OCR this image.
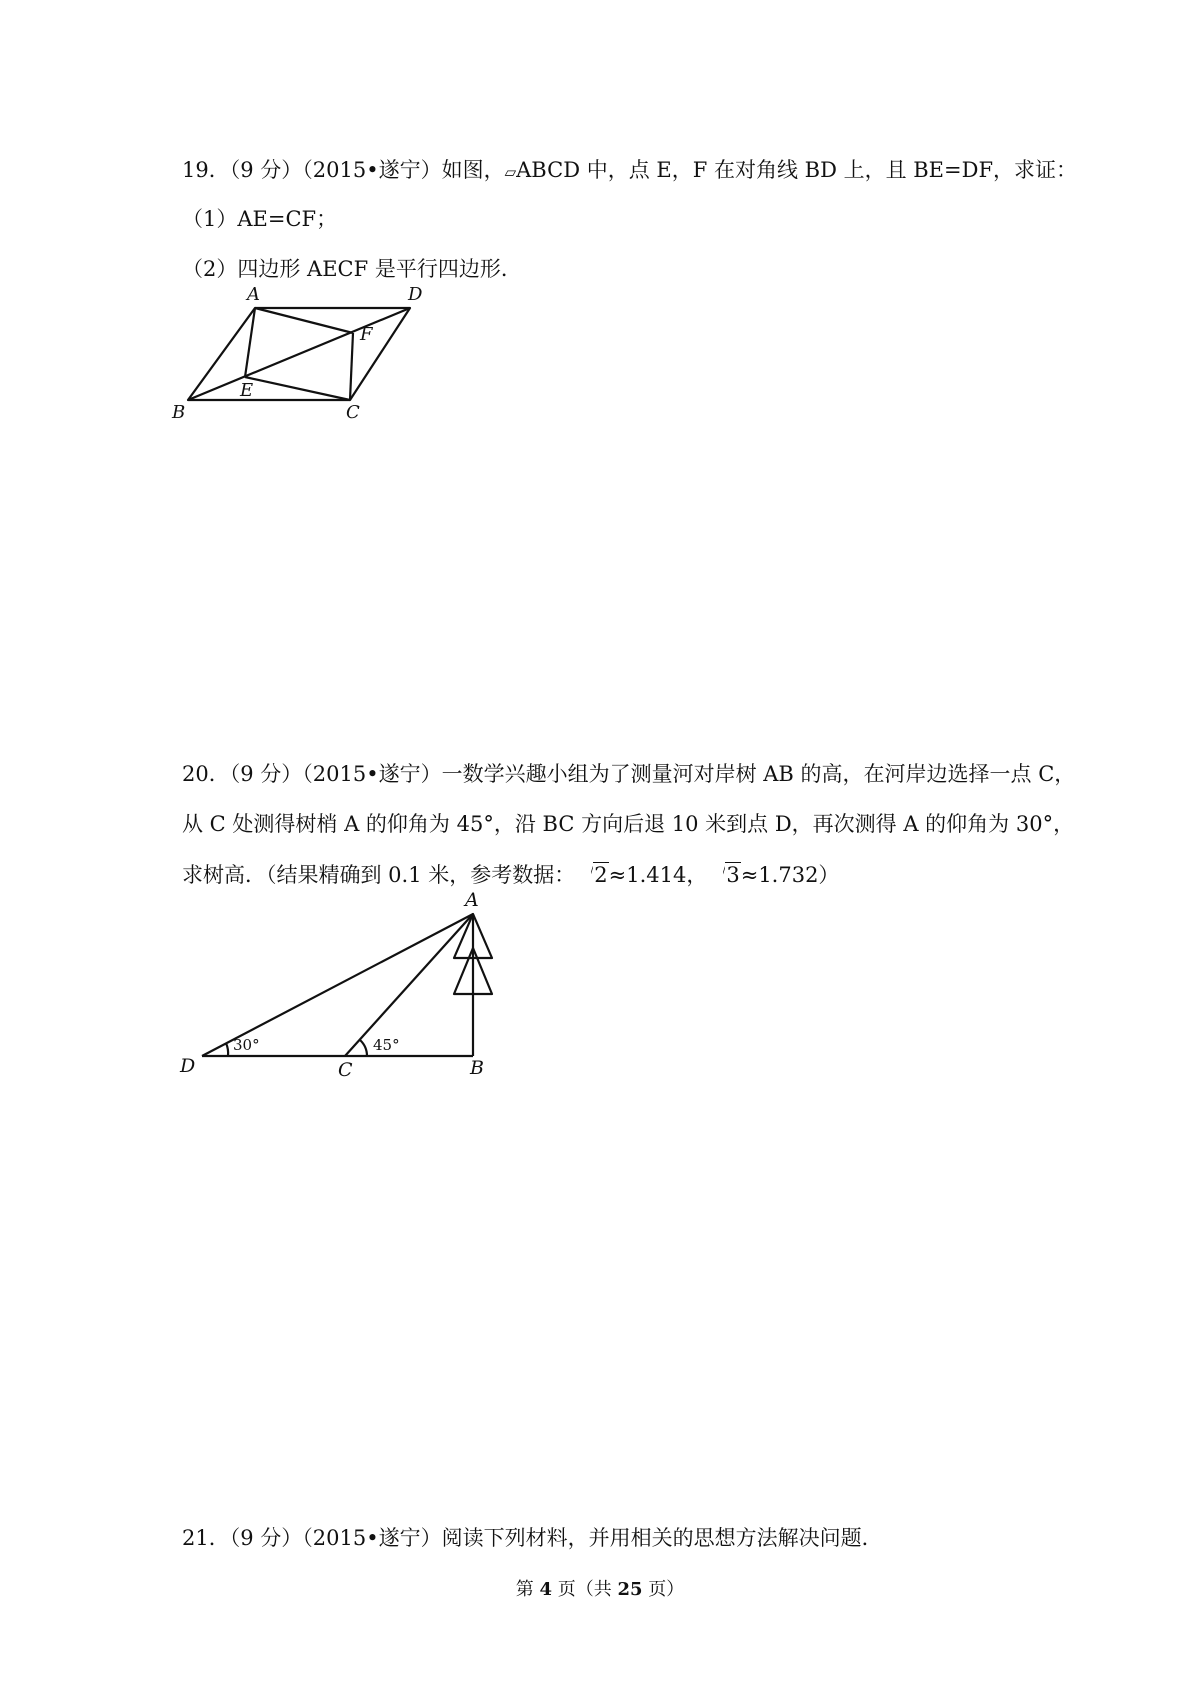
19．（9 分）（2015•遂宁）如图，▱ABCD 中，点 E，F 在对角线 BD 上，且 BE=DF，求证：
（1）AE=CF；
（2）四边形 AECF 是平行四边形．
A	D
F
E
B	C
20．（9 分）（2015•遂宁）一数学兴趣小组为了测量河对岸树 AB 的高，在河岸边选择一点 C，
从 C 处测得树梢 A 的仰角为 45°，沿 BC 方向后退 10 米到点 D，再次测得 A 的仰角为 30°，
求树高．（结果精确到 0.1 米，参考数据： 2≈1.414， 3≈1.732）
A
D	C	B
30°	45°
21．（9 分）（2015•遂宁）阅读下列材料，并用相关的思想方法解决问题．
第 4 页（共 25 页）
